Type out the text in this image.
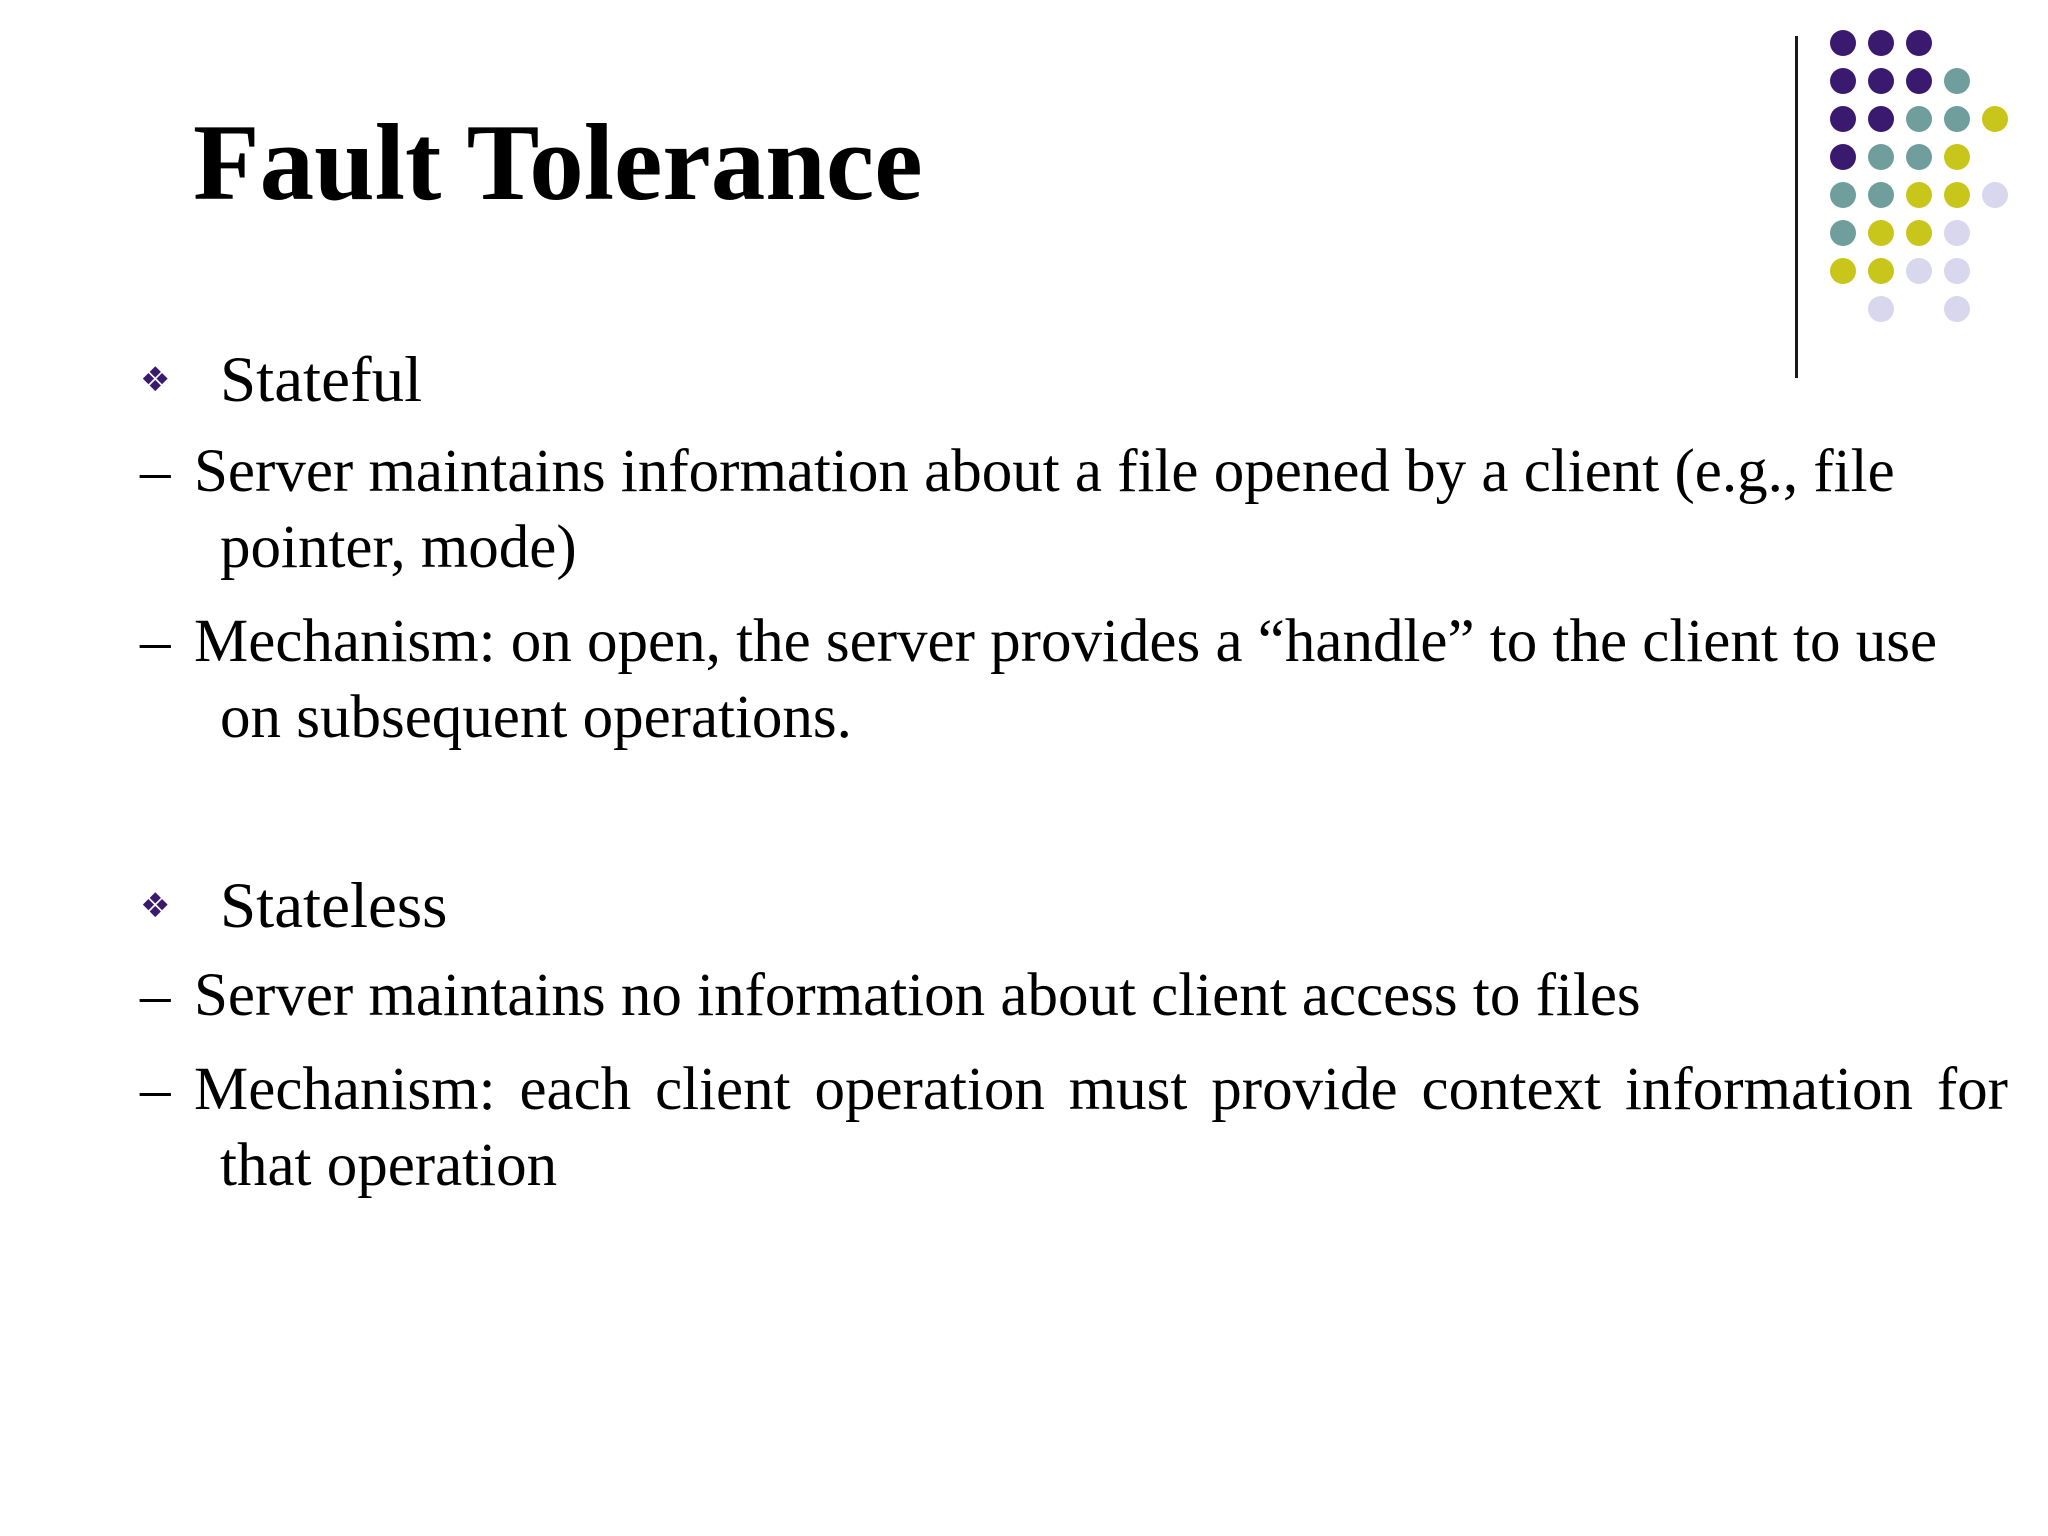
Fault Tolerance
❖ Stateful
– Server maintains information about a file opened by a client (e.g., file pointer, mode)
– Mechanism: on open, the server provides a “handle” to the client to use on subsequent operations.
❖ Stateless
– Server maintains no information about client access to files
– Mechanism: each client operation must provide context information for that operation
